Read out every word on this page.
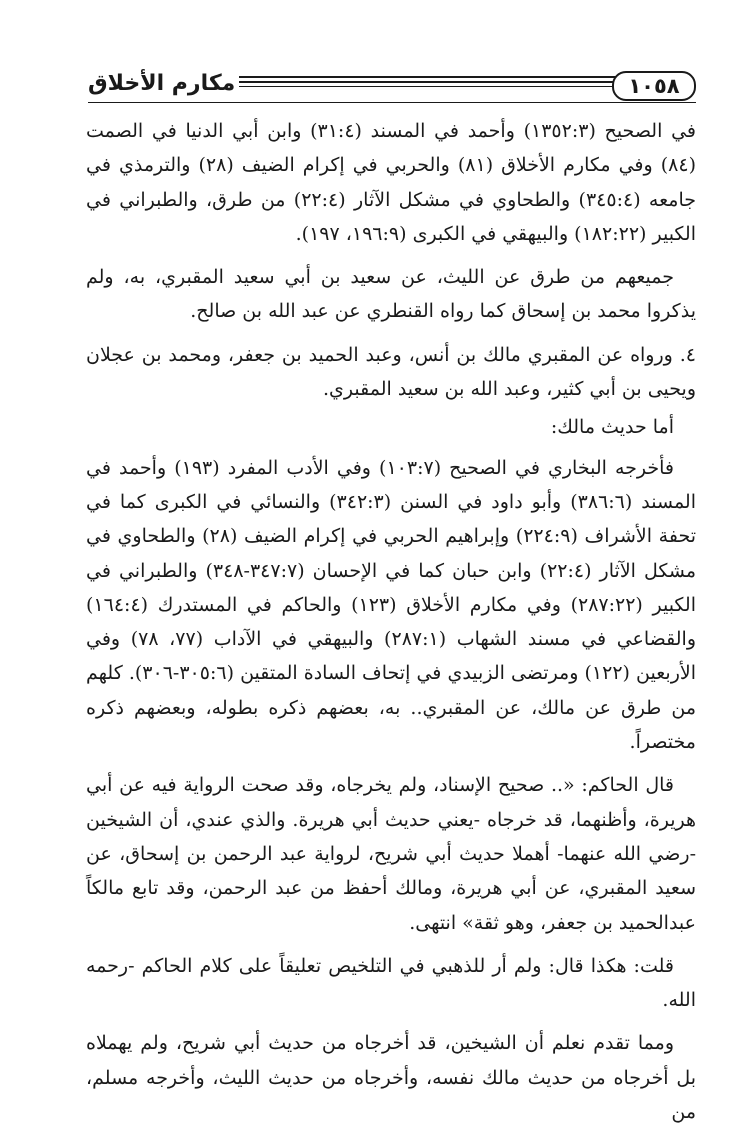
١٠٥٨
مكارم الأخلاق

في الصحيح (١٣٥٢:٣) وأحمد في المسند (٣١:٤) وابن أبي الدنيا في الصمت (٨٤) وفي مكارم الأخلاق (٨١) والحربي في إكرام الضيف (٢٨) والترمذي في جامعه (٣٤٥:٤) والطحاوي في مشكل الآثار (٢٢:٤) من طرق، والطبراني في الكبير (١٨٢:٢٢) والبيهقي في الكبرى (١٩٦:٩، ١٩٧).

جميعهم من طرق عن الليث، عن سعيد بن أبي سعيد المقبري، به، ولم يذكروا محمد بن إسحاق كما رواه القنطري عن عبد الله بن صالح.

٤. ورواه عن المقبري مالك بن أنس، وعبد الحميد بن جعفر، ومحمد بن عجلان ويحيى بن أبي كثير، وعبد الله بن سعيد المقبري.

أما حديث مالك:

فأخرجه البخاري في الصحيح (١٠٣:٧) وفي الأدب المفرد (١٩٣) وأحمد في المسند (٣٨٦:٦) وأبو داود في السنن (٣٤٢:٣) والنسائي في الكبرى كما في تحفة الأشراف (٢٢٤:٩) وإبراهيم الحربي في إكرام الضيف (٢٨) والطحاوي في مشكل الآثار (٢٢:٤) وابن حبان كما في الإحسان (٣٤٧:٧-٣٤٨) والطبراني في الكبير (٢٨٧:٢٢) وفي مكارم الأخلاق (١٢٣) والحاكم في المستدرك (١٦٤:٤) والقضاعي في مسند الشهاب (٢٨٧:١) والبيهقي في الآداب (٧٧، ٧٨) وفي الأربعين (١٢٢) ومرتضى الزبيدي في إتحاف السادة المتقين (٣٠٥:٦-٣٠٦). كلهم من طرق عن مالك، عن المقبري.. به، بعضهم ذكره بطوله، وبعضهم ذكره مختصراً.

قال الحاكم: «.. صحيح الإسناد، ولم يخرجاه، وقد صحت الرواية فيه عن أبي هريرة، وأظنهما، قد خرجاه -يعني حديث أبي هريرة. والذي عندي، أن الشيخين -رضي الله عنهما- أهملا حديث أبي شريح، لرواية عبد الرحمن بن إسحاق، عن سعيد المقبري، عن أبي هريرة، ومالك أحفظ من عبد الرحمن، وقد تابع مالكاً عبدالحميد بن جعفر، وهو ثقة» انتهى.

قلت: هكذا قال: ولم أر للذهبي في التلخيص تعليقاً على كلام الحاكم -رحمه الله.

ومما تقدم نعلم أن الشيخين، قد أخرجاه من حديث أبي شريح، ولم يهملاه بل أخرجاه من حديث مالك نفسه، وأخرجاه من حديث الليث، وأخرجه مسلم، من
